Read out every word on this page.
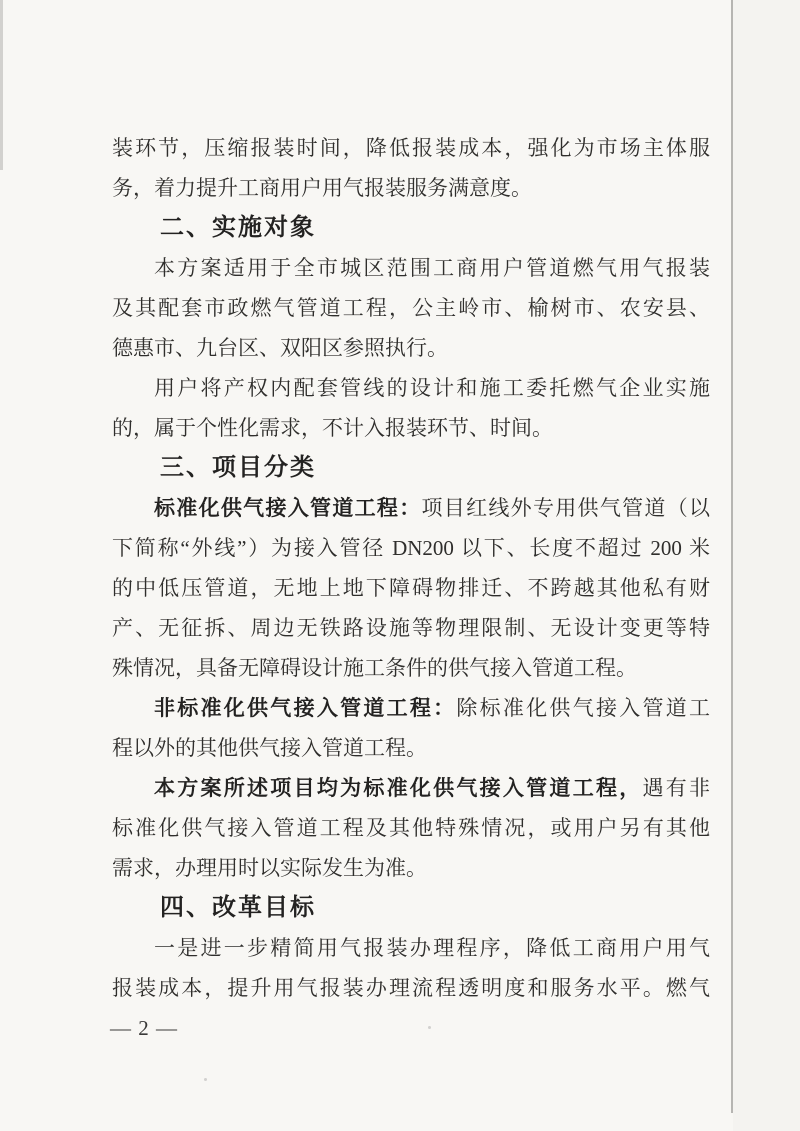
装环节，压缩报装时间，降低报装成本，强化为市场主体服
务，着力提升工商用户用气报装服务满意度。
二、实施对象
本方案适用于全市城区范围工商用户管道燃气用气报装
及其配套市政燃气管道工程，公主岭市、榆树市、农安县、
德惠市、九台区、双阳区参照执行。
用户将产权内配套管线的设计和施工委托燃气企业实施
的，属于个性化需求，不计入报装环节、时间。
三、项目分类
标准化供气接入管道工程：项目红线外专用供气管道（以
下简称“外线”）为接入管径 DN200 以下、长度不超过 200 米
的中低压管道，无地上地下障碍物排迁、不跨越其他私有财
产、无征拆、周边无铁路设施等物理限制、无设计变更等特
殊情况，具备无障碍设计施工条件的供气接入管道工程。
非标准化供气接入管道工程：除标准化供气接入管道工
程以外的其他供气接入管道工程。
本方案所述项目均为标准化供气接入管道工程，遇有非
标准化供气接入管道工程及其他特殊情况，或用户另有其他
需求，办理用时以实际发生为准。
四、改革目标
一是进一步精简用气报装办理程序，降低工商用户用气
报装成本，提升用气报装办理流程透明度和服务水平。燃气
— 2 —
